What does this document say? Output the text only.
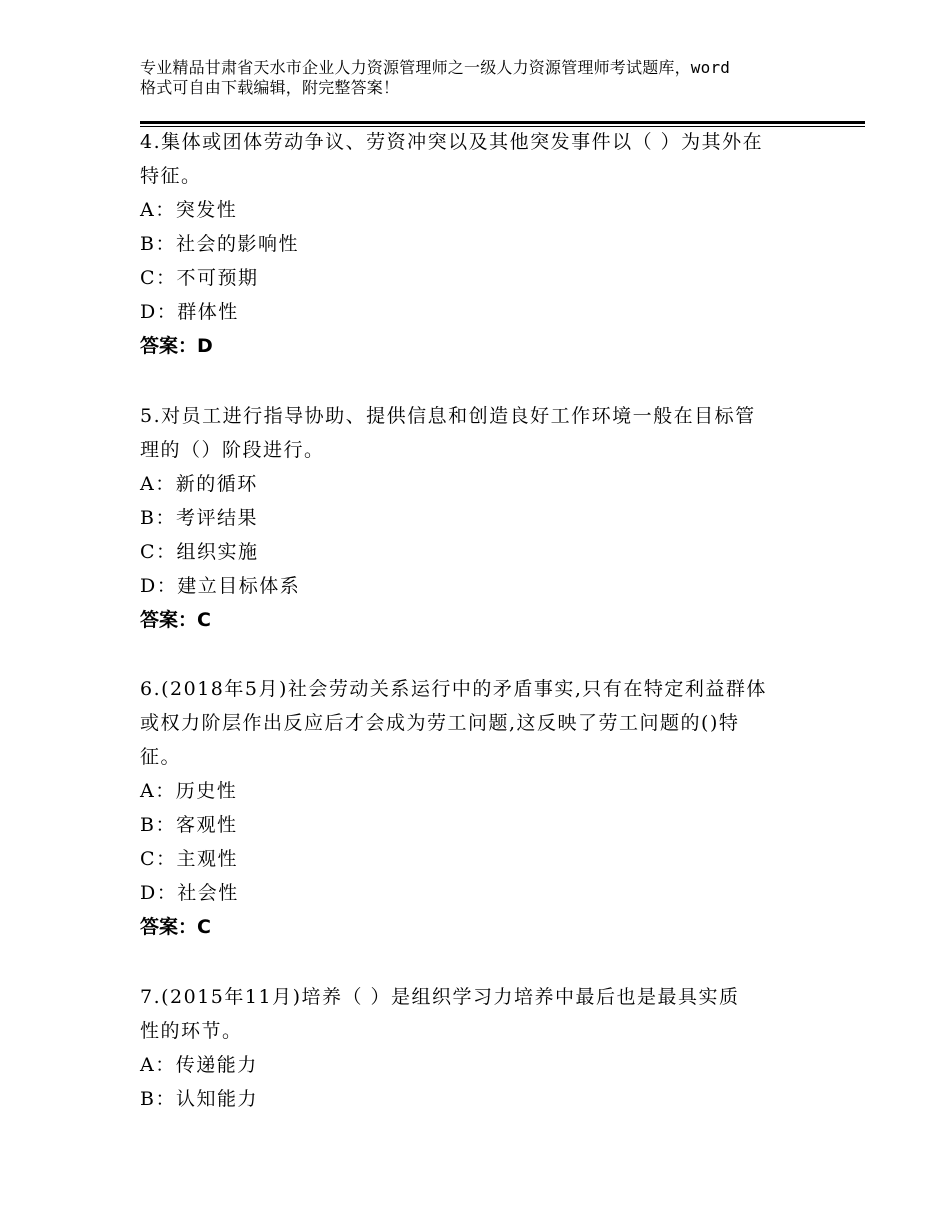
专业精品甘肃省天水市企业人力资源管理师之一级人力资源管理师考试题库，word
格式可自由下载编辑，附完整答案！
4.集体或团体劳动争议、劳资冲突以及其他突发事件以（ ）为其外在
特征。
A：突发性
B：社会的影响性
C：不可预期
D：群体性
答案：D
5.对员工进行指导协助、提供信息和创造良好工作环境一般在目标管
理的（）阶段进行。
A：新的循环
B：考评结果
C：组织实施
D：建立目标体系
答案：C
6.(2018年5月)社会劳动关系运行中的矛盾事实,只有在特定利益群体
或权力阶层作出反应后才会成为劳工问题,这反映了劳工问题的()特
征。
A：历史性
B：客观性
C：主观性
D：社会性
答案：C
7.(2015年11月)培养（ ）是组织学习力培养中最后也是最具实质
性的环节。
A：传递能力
B：认知能力
